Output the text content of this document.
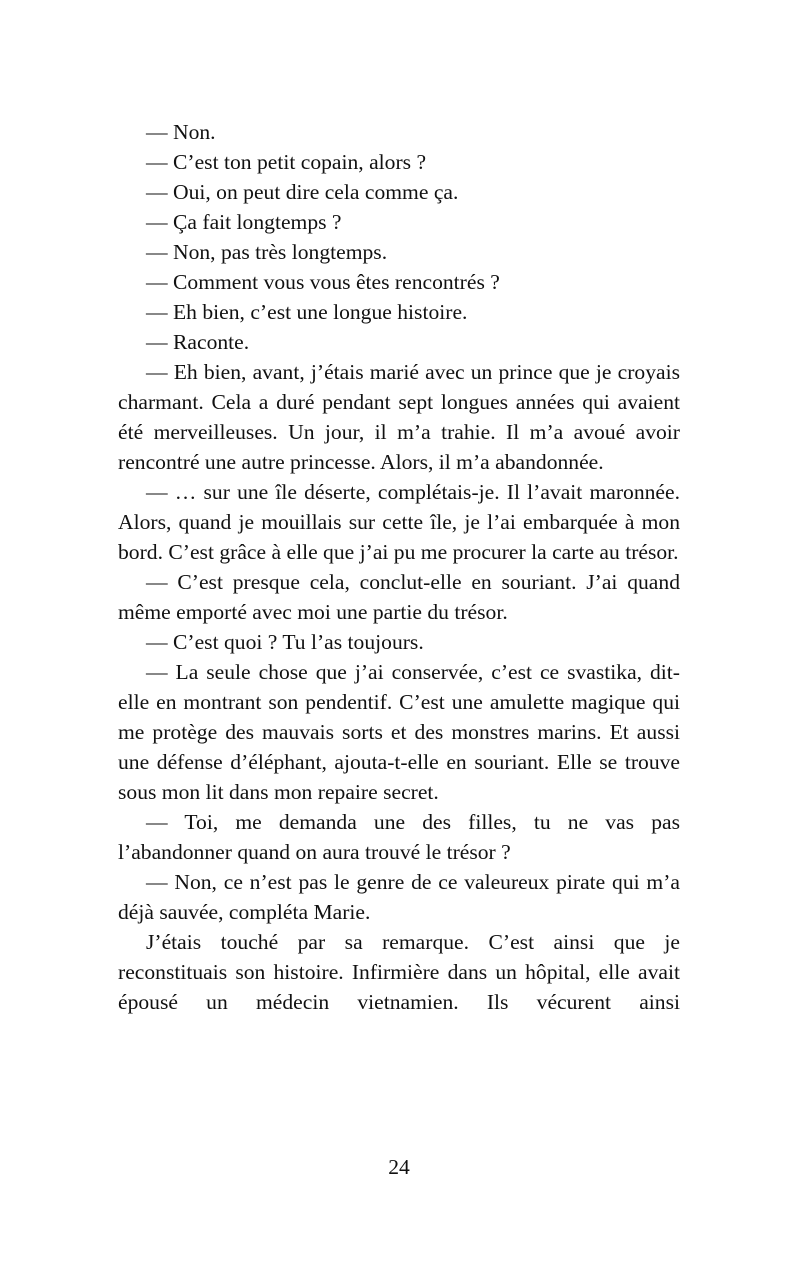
— Non.

— C’est ton petit copain, alors ?

— Oui, on peut dire cela comme ça.

— Ça fait longtemps ?

— Non, pas très longtemps.

— Comment vous vous êtes rencontrés ?

— Eh bien, c’est une longue histoire.

— Raconte.

— Eh bien, avant, j’étais marié avec un prince que je croyais charmant. Cela a duré pendant sept longues années qui avaient été merveilleuses. Un jour, il m’a trahie. Il m’a avoué avoir rencontré une autre princesse. Alors, il m’a abandonnée.

— … sur une île déserte, complétais-je. Il l’avait maronnée. Alors, quand je mouillais sur cette île, je l’ai embarquée à mon bord. C’est grâce à elle que j’ai pu me procurer la carte au trésor.

— C’est presque cela, conclut-elle en souriant. J’ai quand même emporté avec moi une partie du trésor.

— C’est quoi ? Tu l’as toujours.

— La seule chose que j’ai conservée, c’est ce svastika, dit-elle en montrant son pendentif. C’est une amulette magique qui me protège des mauvais sorts et des monstres marins. Et aussi une défense d’éléphant, ajouta-t-elle en souriant. Elle se trouve sous mon lit dans mon repaire secret.

— Toi, me demanda une des filles, tu ne vas pas l’abandonner quand on aura trouvé le trésor ?

— Non, ce n’est pas le genre de ce valeureux pirate qui m’a déjà sauvée, compléta Marie.

J’étais touché par sa remarque. C’est ainsi que je reconstituais son histoire. Infirmière dans un hôpital, elle avait épousé un médecin vietnamien. Ils vécurent ainsi

24
